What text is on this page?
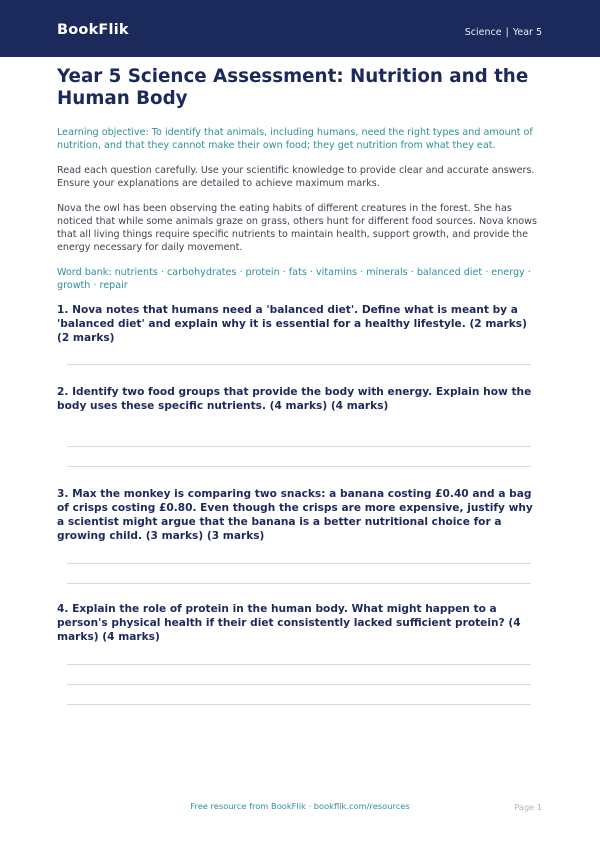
BookFlik	Science | Year 5
Year 5 Science Assessment: Nutrition and the Human Body
Learning objective: To identify that animals, including humans, need the right types and amount of nutrition, and that they cannot make their own food; they get nutrition from what they eat.

Read each question carefully. Use your scientific knowledge to provide clear and accurate answers. Ensure your explanations are detailed to achieve maximum marks.

Nova the owl has been observing the eating habits of different creatures in the forest. She has noticed that while some animals graze on grass, others hunt for different food sources. Nova knows that all living things require specific nutrients to maintain health, support growth, and provide the energy necessary for daily movement.

Word bank: nutrients · carbohydrates · protein · fats · vitamins · minerals · balanced diet · energy · growth · repair
1. Nova notes that humans need a 'balanced diet'. Define what is meant by a 'balanced diet' and explain why it is essential for a healthy lifestyle. (2 marks) (2 marks)
2. Identify two food groups that provide the body with energy. Explain how the body uses these specific nutrients. (4 marks) (4 marks)
3. Max the monkey is comparing two snacks: a banana costing £0.40 and a bag of crisps costing £0.80. Even though the crisps are more expensive, justify why a scientist might argue that the banana is a better nutritional choice for a growing child. (3 marks) (3 marks)
4. Explain the role of protein in the human body. What might happen to a person's physical health if their diet consistently lacked sufficient protein? (4 marks) (4 marks)
Free resource from BookFlik · bookflik.com/resources	Page 1
